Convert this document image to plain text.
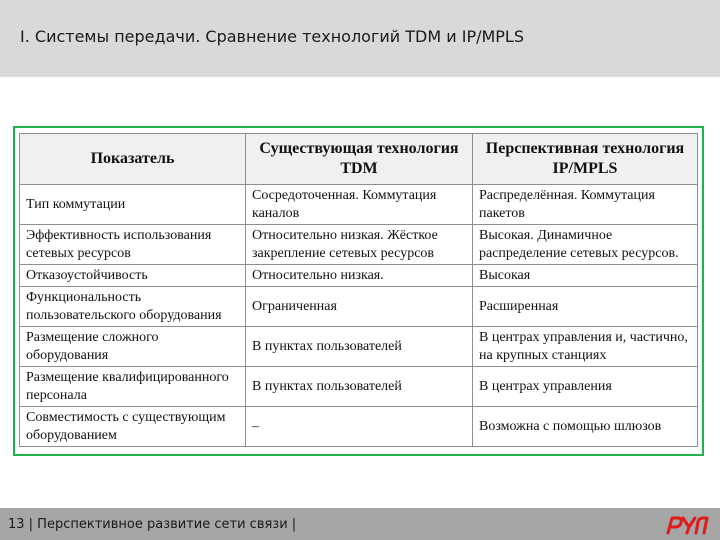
I. Системы передачи. Сравнение технологий TDM и IP/MPLS
Показатель	Существующая технология TDM	Перспективная технология IP/MPLS
Тип коммутации	Сосредоточенная. Коммутация каналов	Распределённая. Коммутация пакетов
Эффективность использования сетевых ресурсов	Относительно низкая. Жёсткое закрепление сетевых ресурсов	Высокая. Динамичное распределение сетевых ресурсов.
Отказоустойчивость	Относительно низкая.	Высокая
Функциональность пользовательского оборудования	Ограниченная	Расширенная
Размещение сложного оборудования	В пунктах пользователей	В центрах управления и, частично, на крупных станциях
Размещение квалифицированного персонала	В пунктах пользователей	В центрах управления
Совместимость с существующим оборудованием	–	Возможна с помощью шлюзов
13 | Перспективное развитие сети связи |
